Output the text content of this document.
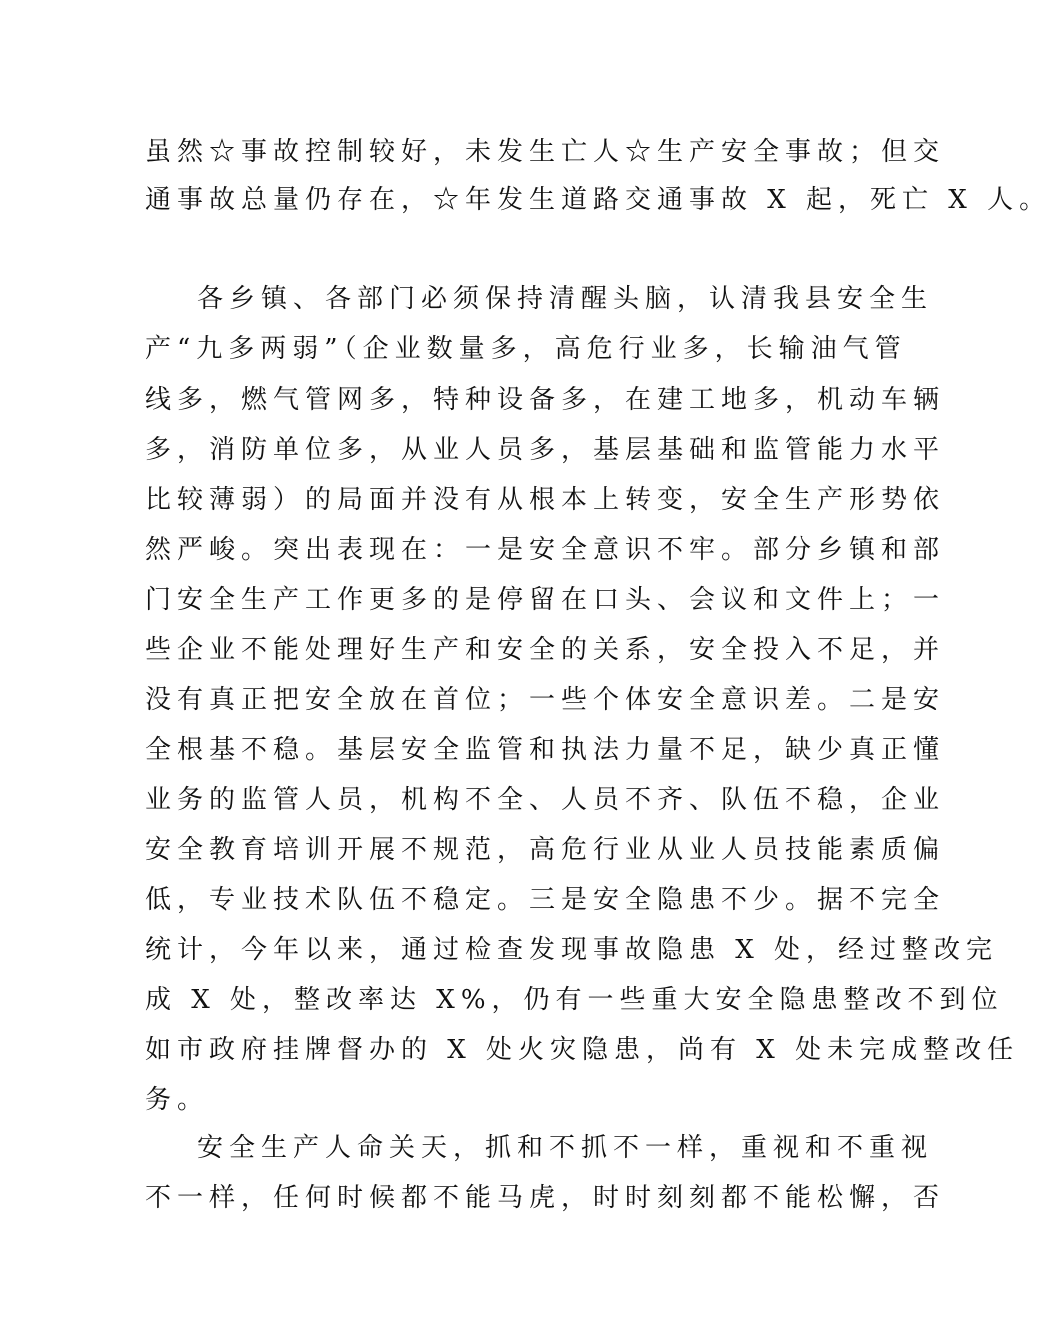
虽然☆事故控制较好，未发生亡人☆生产安全事故；但交
通事故总量仍存在，☆年发生道路交通事故 X 起，死亡 X 人。
各乡镇、各部门必须保持清醒头脑，认清我县安全生
产“九多两弱”（企业数量多，高危行业多，长输油气管
线多，燃气管网多，特种设备多，在建工地多，机动车辆
多，消防单位多，从业人员多，基层基础和监管能力水平
比较薄弱）的局面并没有从根本上转变，安全生产形势依
然严峻。突出表现在：一是安全意识不牢。部分乡镇和部
门安全生产工作更多的是停留在口头、会议和文件上；一
些企业不能处理好生产和安全的关系，安全投入不足，并
没有真正把安全放在首位；一些个体安全意识差。二是安
全根基不稳。基层安全监管和执法力量不足，缺少真正懂
业务的监管人员，机构不全、人员不齐、队伍不稳，企业
安全教育培训开展不规范，高危行业从业人员技能素质偏
低，专业技术队伍不稳定。三是安全隐患不少。据不完全
统计，今年以来，通过检查发现事故隐患 X 处，经过整改完
成 X 处，整改率达 X%，仍有一些重大安全隐患整改不到位
如市政府挂牌督办的 X 处火灾隐患，尚有 X 处未完成整改任
务。
安全生产人命关天，抓和不抓不一样，重视和不重视
不一样，任何时候都不能马虎，时时刻刻都不能松懈，否
